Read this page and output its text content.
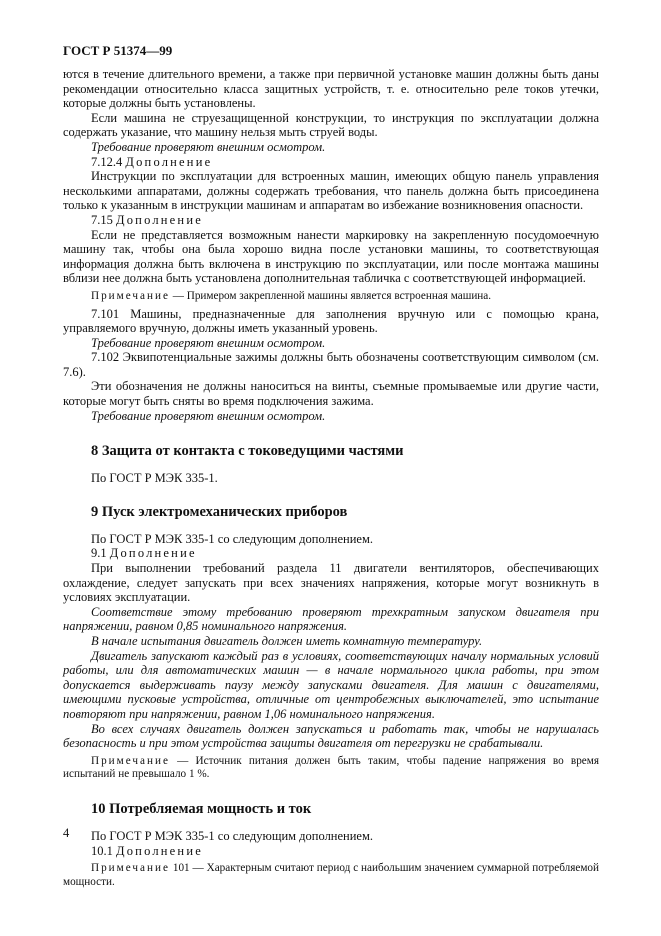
ГОСТ Р 51374—99

ются в течение длительного времени, а также при первичной установке машин должны быть даны рекомендации относительно класса защитных устройств, т. е. относительно реле токов утечки, которые должны быть установлены.

Если машина не струезащищенной конструкции, то инструкция по эксплуатации должна содержать указание, что машину нельзя мыть струей воды.

Требование проверяют внешним осмотром.

7.12.4 Дополнение

Инструкции по эксплуатации для встроенных машин, имеющих общую панель управления несколькими аппаратами, должны содержать требования, что панель должна быть присоединена только к указанным в инструкции машинам и аппаратам во избежание возникновения опасности.

7.15 Дополнение

Если не представляется возможным нанести маркировку на закрепленную посудомоечную машину так, чтобы она была хорошо видна после установки машины, то соответствующая информация должна быть включена в инструкцию по эксплуатации, или после монтажа машины вблизи нее должна быть установлена дополнительная табличка с соответствующей информацией.

Примечание — Примером закрепленной машины является встроенная машина.

7.101 Машины, предназначенные для заполнения вручную или с помощью крана, управляемого вручную, должны иметь указанный уровень.

Требование проверяют внешним осмотром.

7.102 Эквипотенциальные зажимы должны быть обозначены соответствующим символом (см. 7.6).

Эти обозначения не должны наноситься на винты, съемные промываемые или другие части, которые могут быть сняты во время подключения зажима.

Требование проверяют внешним осмотром.

8 Защита от контакта с токоведущими частями

По ГОСТ Р МЭК 335-1.

9 Пуск электромеханических приборов

По ГОСТ Р МЭК 335-1 со следующим дополнением.

9.1 Дополнение

При выполнении требований раздела 11 двигатели вентиляторов, обеспечивающих охлаждение, следует запускать при всех значениях напряжения, которые могут возникнуть в условиях эксплуатации.

Соответствие этому требованию проверяют трехкратным запуском двигателя при напряжении, равном 0,85 номинального напряжения.

В начале испытания двигатель должен иметь комнатную температуру.

Двигатель запускают каждый раз в условиях, соответствующих началу нормальных условий работы, или для автоматических машин — в начале нормального цикла работы, при этом допускается выдерживать паузу между запусками двигателя. Для машин с двигателями, имеющими пусковые устройства, отличные от центробежных выключателей, это испытание повторяют при напряжении, равном 1,06 номинального напряжения.

Во всех случаях двигатель должен запускаться и работать так, чтобы не нарушалась безопасность и при этом устройства защиты двигателя от перегрузки не срабатывали.

Примечание — Источник питания должен быть таким, чтобы падение напряжения во время испытаний не превышало 1 %.

10 Потребляемая мощность и ток

По ГОСТ Р МЭК 335-1 со следующим дополнением.

10.1 Дополнение

Примечание 101 — Характерным считают период с наибольшим значением суммарной потребляемой мощности.

4
